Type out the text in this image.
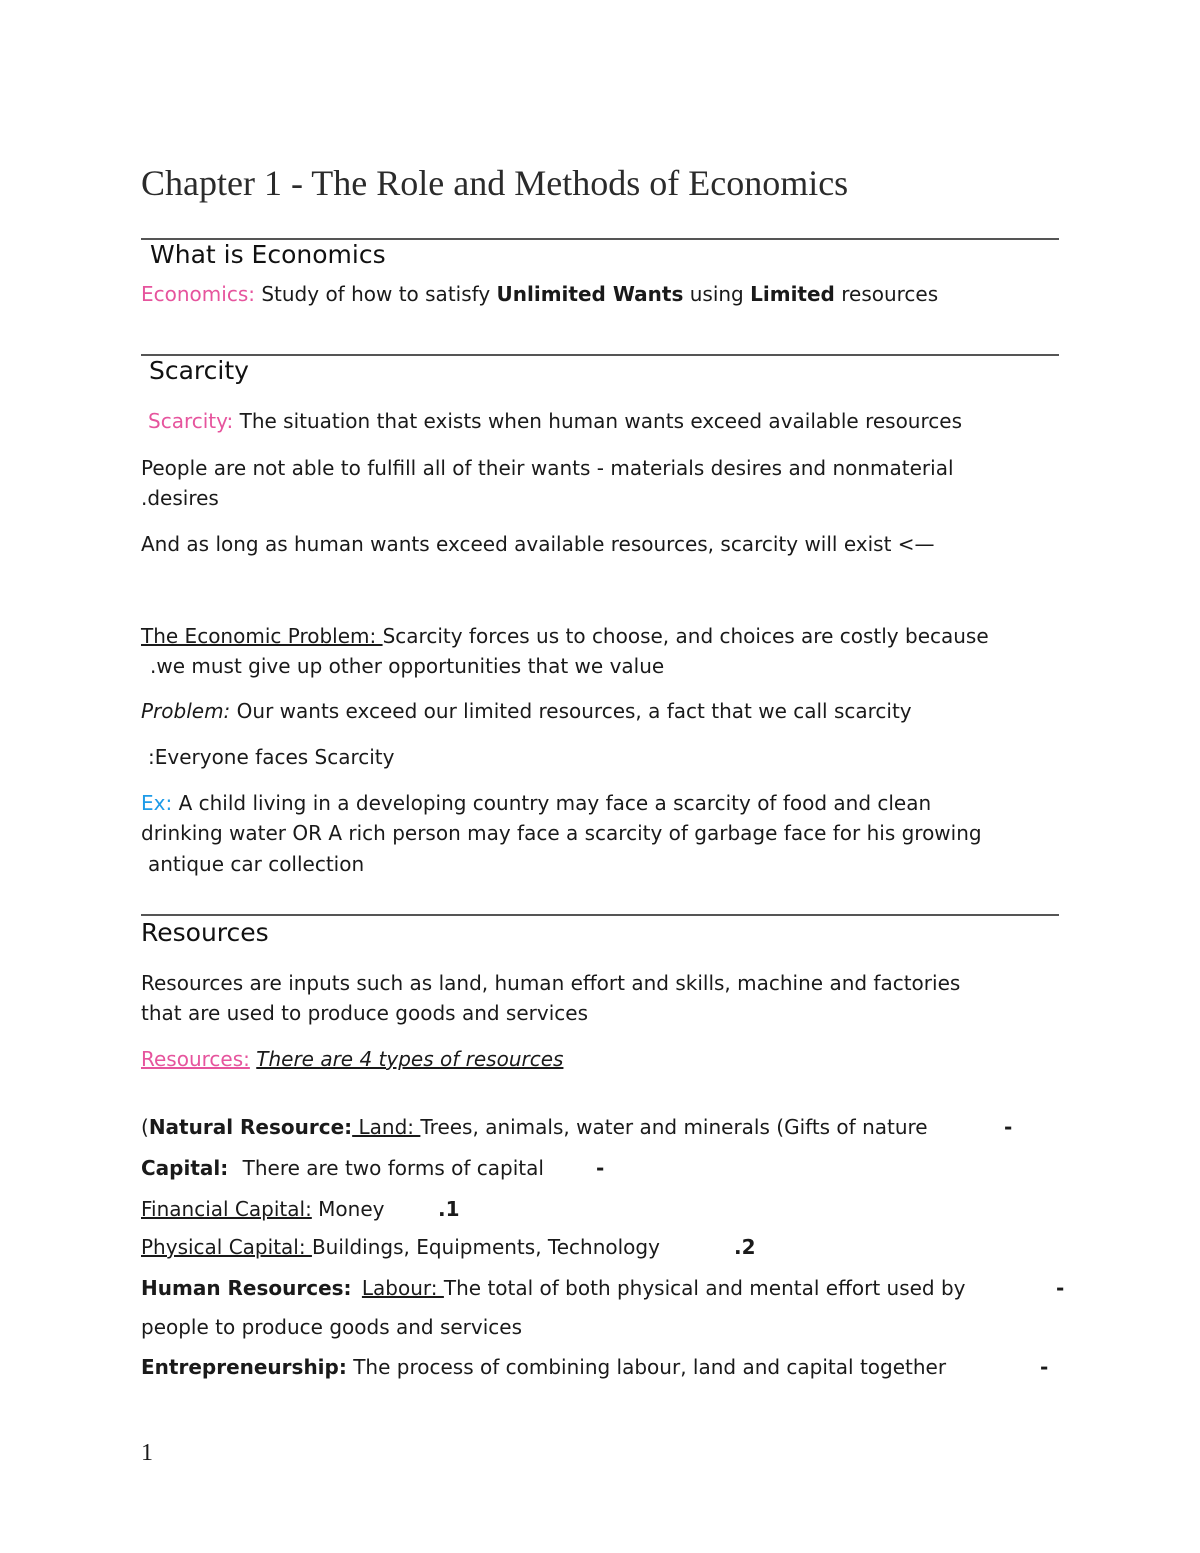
Chapter 1 - The Role and Methods of Economics
What is Economics
Economics: Study of how to satisfy Unlimited Wants using Limited resources
Scarcity
Scarcity: The situation that exists when human wants exceed available resources
People are not able to fulfill all of their wants - materials desires and nonmaterial
.desires
And as long as human wants exceed available resources, scarcity will exist <—
The Economic Problem: Scarcity forces us to choose, and choices are costly because
.we must give up other opportunities that we value
Problem: Our wants exceed our limited resources, a fact that we call scarcity
:Everyone faces Scarcity
Ex: A child living in a developing country may face a scarcity of food and clean
drinking water OR A rich person may face a scarcity of garbage face for his growing
antique car collection
Resources
Resources are inputs such as land, human effort and skills, machine and factories
that are used to produce goods and services
Resources: There are 4 types of resources
(Natural Resource: Land: Trees, animals, water and minerals (Gifts of nature	-
Capital: There are two forms of capital	-
Financial Capital: Money	.1
Physical Capital: Buildings, Equipments, Technology	.2
Human Resources: Labour: The total of both physical and mental effort used by	-
people to produce goods and services
Entrepreneurship: The process of combining labour, land and capital together	-
1
